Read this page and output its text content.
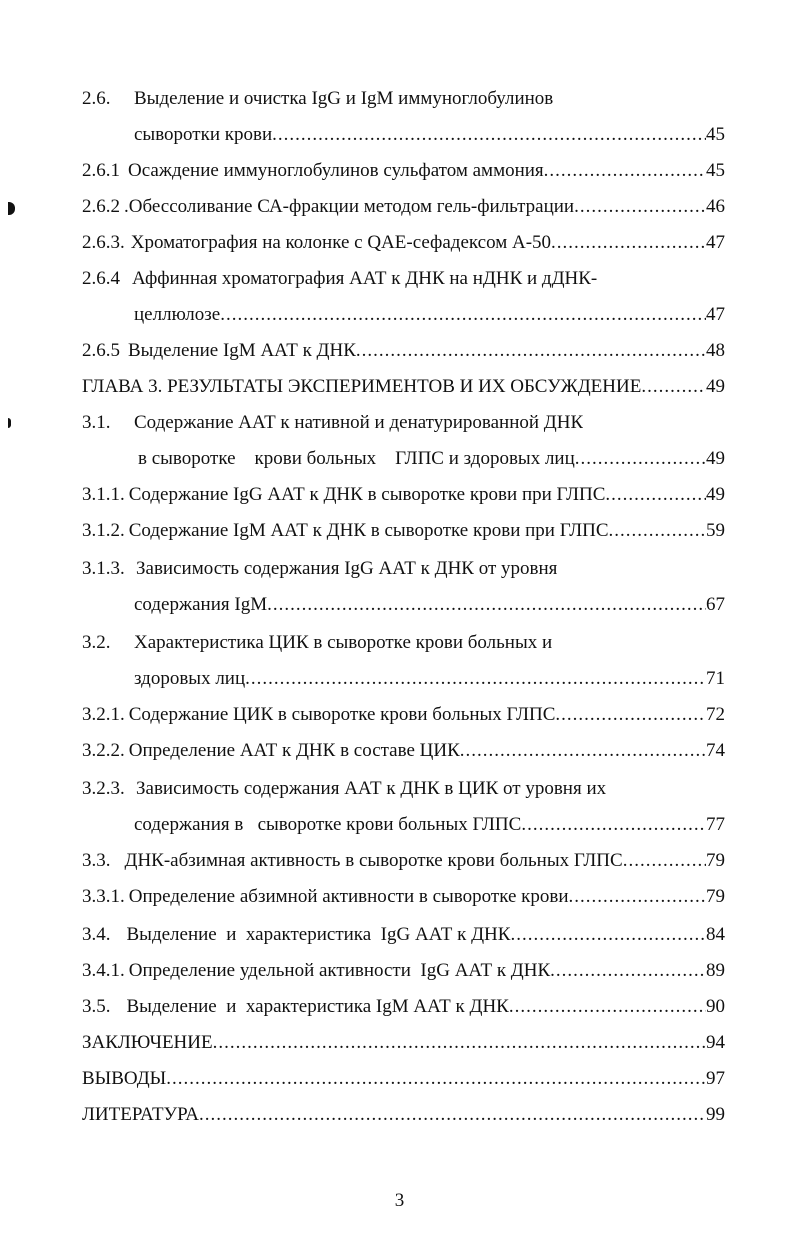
2.6. Выделение и очистка IgG и IgM иммуноглобулинов
сыворотки крови .....	45
2.6.1 Осаждение иммуноглобулинов сульфатом аммония .....	45
2.6.2 .Обессоливание СА-фракции методом гель-фильтрации .....	46
2.6.3. Хроматография на колонке с QAE-сефадексом А-50 .....	47
2.6.4 Аффинная хроматография ААТ к ДНК на нДНК и дДНК-
целлюлозе .....	47
2.6.5 Выделение IgM ААТ к ДНК .....	48
ГЛАВА 3. РЕЗУЛЬТАТЫ ЭКСПЕРИМЕНТОВ И ИХ ОБСУЖДЕНИЕ .....	49
3.1. Содержание ААТ к нативной и денатурированной ДНК
в сыворотке    крови больных    ГЛПС и здоровых лиц .....	49
3.1.1. Содержание IgG ААТ к ДНК в сыворотке крови при ГЛПС .....	49
3.1.2. Содержание IgM ААТ к ДНК в сыворотке крови при ГЛПС .....	59
3.1.3. Зависимость содержания IgG ААТ к ДНК от уровня
содержания IgM .....	67
3.2. Характеристика ЦИК в сыворотке крови больных и
здоровых лиц .....	71
3.2.1. Содержание ЦИК в сыворотке крови больных ГЛПС .....	72
3.2.2. Определение ААТ к ДНК в составе ЦИК .....	74
3.2.3. Зависимость содержания ААТ к ДНК в ЦИК от уровня их
содержания в   сыворотке крови больных ГЛПС .....	77
3.3. ДНК-абзимная активность в сыворотке крови больных ГЛПС .....	79
3.3.1. Определение абзимной активности в сыворотке крови .....	79
3.4. Выделение  и  характеристика  IgG ААТ к ДНК .....	84
3.4.1. Определение удельной активности  IgG ААТ к ДНК .....	89
3.5. Выделение  и  характеристика IgM ААТ к ДНК .....	90
ЗАКЛЮЧЕНИЕ .....	94
ВЫВОДЫ .....	97
ЛИТЕРАТУРА .....	99
3
